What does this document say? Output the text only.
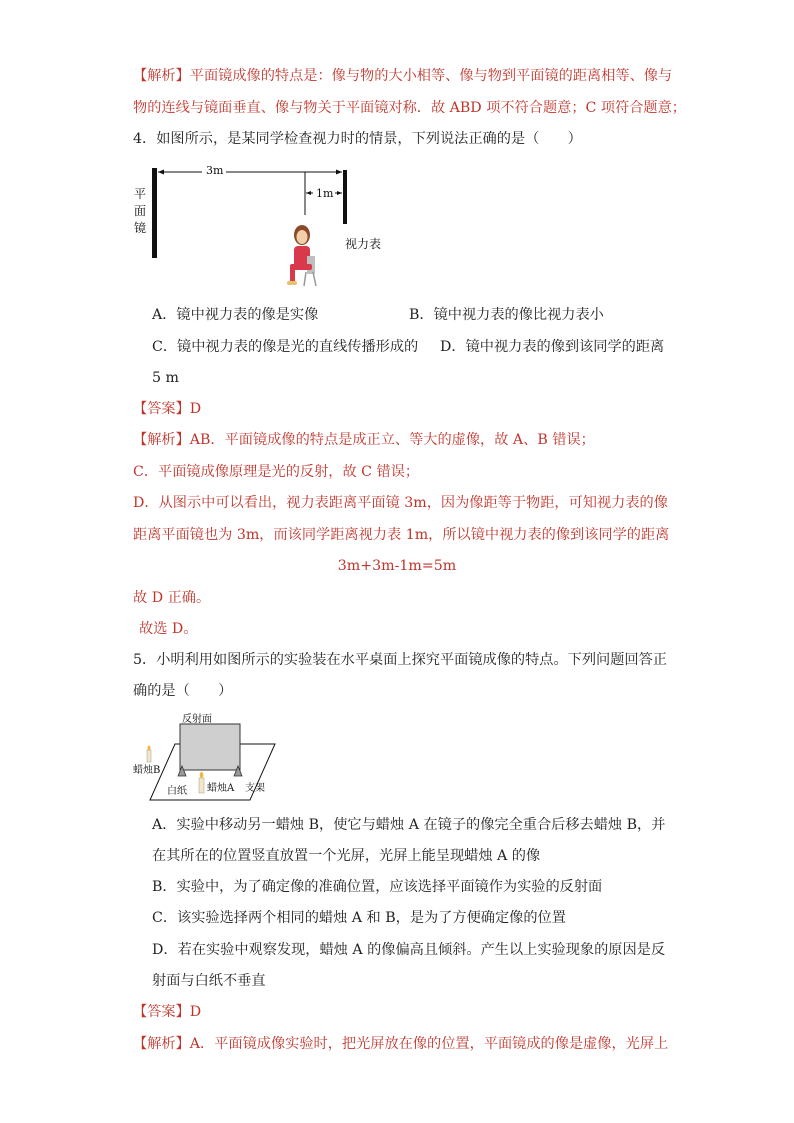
【解析】平面镜成像的特点是：像与物的大小相等、像与物到平面镜的距离相等、像与
物的连线与镜面垂直、像与物关于平面镜对称．故 ABD 项不符合题意；C 项符合题意；
4．如图所示，是某同学检查视力时的情景，下列说法正确的是（　　）
3m
1m
平
面
镜
视力表
A．镜中视力表的像是实像	B．镜中视力表的像比视力表小
C．镜中视力表的像是光的直线传播形成的 D．镜中视力表的像到该同学的距离
5 m
【答案】D
【解析】AB．平面镜成像的特点是成正立、等大的虚像，故 A、B 错误；
C．平面镜成像原理是光的反射，故 C 错误；
D．从图示中可以看出，视力表距离平面镜 3m，因为像距等于物距，可知视力表的像
距离平面镜也为 3m，而该同学距离视力表 1m，所以镜中视力表的像到该同学的距离
3m+3m-1m=5m
故 D 正确。
故选 D。
5．小明利用如图所示的实验装在水平桌面上探究平面镜成像的特点。下列问题回答正
确的是（　　）
反射面
蜡烛B
白纸 蜡烛A 支架
A．实验中移动另一蜡烛 B，使它与蜡烛 A 在镜子的像完全重合后移去蜡烛 B，并
在其所在的位置竖直放置一个光屏，光屏上能呈现蜡烛 A 的像
B．实验中，为了确定像的准确位置，应该选择平面镜作为实验的反射面
C．该实验选择两个相同的蜡烛 A 和 B，是为了方便确定像的位置
D．若在实验中观察发现，蜡烛 A 的像偏高且倾斜。产生以上实验现象的原因是反
射面与白纸不垂直
【答案】D
【解析】A．平面镜成像实验时，把光屏放在像的位置，平面镜成的像是虚像，光屏上
